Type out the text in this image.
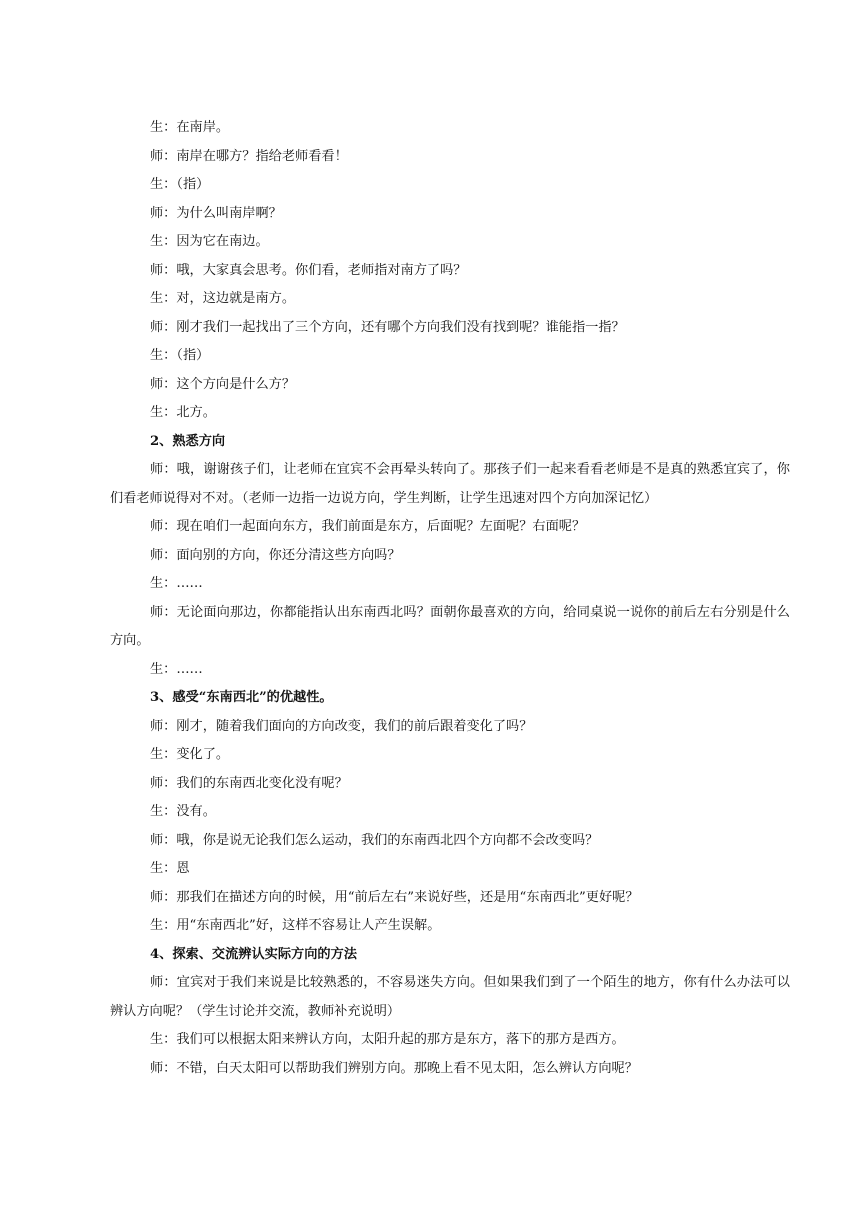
生：在南岸。

师：南岸在哪方？指给老师看看！

生：（指）

师：为什么叫南岸啊？

生：因为它在南边。

师：哦，大家真会思考。你们看，老师指对南方了吗？

生：对，这边就是南方。

师：刚才我们一起找出了三个方向，还有哪个方向我们没有找到呢？谁能指一指？

生：（指）

师：这个方向是什么方？

生：北方。

2、熟悉方向

师：哦，谢谢孩子们，让老师在宜宾不会再晕头转向了。那孩子们一起来看看老师是不是真的熟悉宜宾了，你们看老师说得对不对。（老师一边指一边说方向，学生判断，让学生迅速对四个方向加深记忆）

师：现在咱们一起面向东方，我们前面是东方，后面呢？左面呢？右面呢？

师：面向别的方向，你还分清这些方向吗？

生：……

师：无论面向那边，你都能指认出东南西北吗？面朝你最喜欢的方向，给同桌说一说你的前后左右分别是什么方向。

生：……

3、感受“东南西北”的优越性。

师：刚才，随着我们面向的方向改变，我们的前后跟着变化了吗？

生：变化了。

师：我们的东南西北变化没有呢？

生：没有。

师：哦，你是说无论我们怎么运动，我们的东南西北四个方向都不会改变吗？

生：恩

师：那我们在描述方向的时候，用“前后左右”来说好些，还是用“东南西北”更好呢？

生：用“东南西北”好，这样不容易让人产生误解。

4、探索、交流辨认实际方向的方法

师：宜宾对于我们来说是比较熟悉的，不容易迷失方向。但如果我们到了一个陌生的地方，你有什么办法可以辨认方向呢？（学生讨论并交流，教师补充说明）

生：我们可以根据太阳来辨认方向，太阳升起的那方是东方，落下的那方是西方。

师：不错，白天太阳可以帮助我们辨别方向。那晚上看不见太阳，怎么辨认方向呢？
